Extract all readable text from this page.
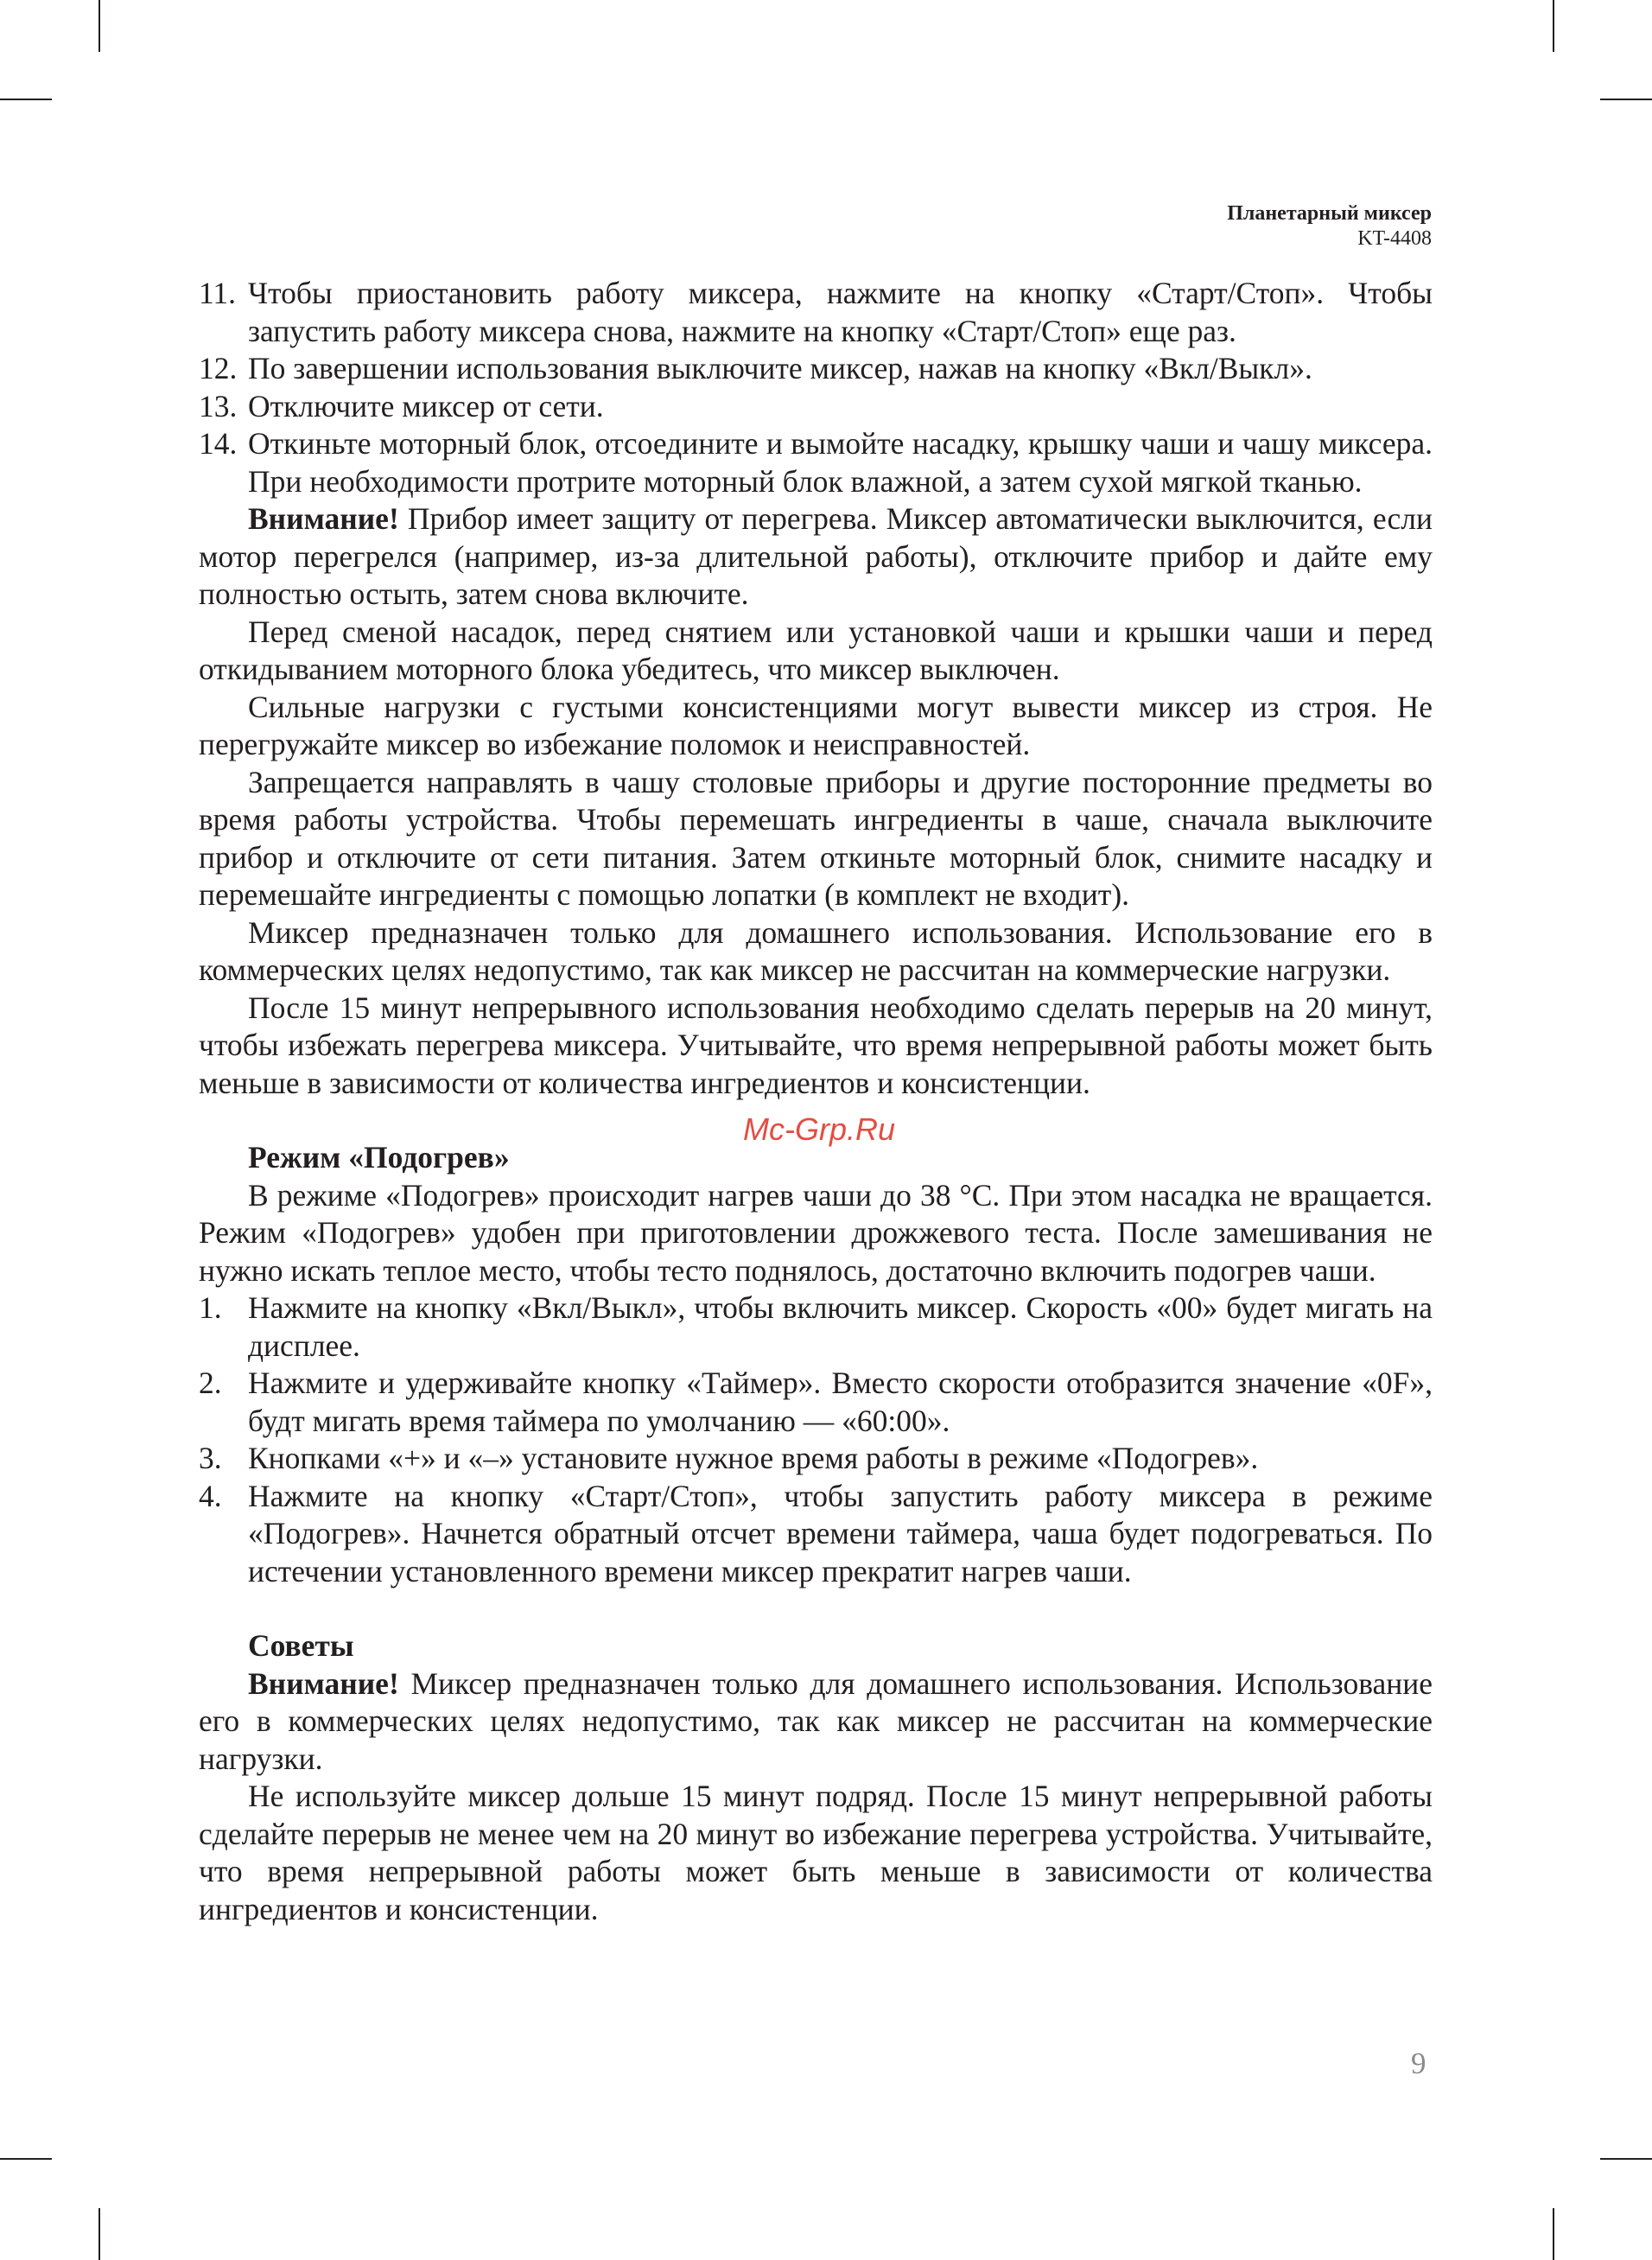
Планетарный миксер
KT-4408
11. Чтобы приостановить работу миксера, нажмите на кнопку «Старт/Стоп». Чтобы запустить работу миксера снова, нажмите на кнопку «Старт/Стоп» еще раз.
12. По завершении использования выключите миксер, нажав на кнопку «Вкл/Выкл».
13. Отключите миксер от сети.
14. Откиньте моторный блок, отсоедините и вымойте насадку, крышку чаши и чашу миксера. При необходимости протрите моторный блок влажной, а затем сухой мягкой тканью.

Внимание! Прибор имеет защиту от перегрева. Миксер автоматически выключится, если мотор перегрелся (например, из-за длительной работы), отключите прибор и дайте ему полностью остыть, затем снова включите.

Перед сменой насадок, перед снятием или установкой чаши и крышки чаши и перед откидыванием моторного блока убедитесь, что миксер выключен.

Сильные нагрузки с густыми консистенциями могут вывести миксер из строя. Не перегружайте миксер во избежание поломок и неисправностей.

Запрещается направлять в чашу столовые приборы и другие посторонние предметы во время работы устройства. Чтобы перемешать ингредиенты в чаше, сначала выключите прибор и отключите от сети питания. Затем откиньте моторный блок, снимите насадку и перемешайте ингредиенты с помощью лопатки (в комплект не входит).

Миксер предназначен только для домашнего использования. Использование его в коммерческих целях недопустимо, так как миксер не рассчитан на коммерческие нагрузки.

После 15 минут непрерывного использования необходимо сделать перерыв на 20 минут, чтобы избежать перегрева миксера. Учитывайте, что время непрерывной работы может быть меньше в зависимости от количества ингредиентов и консистенции.

Режим «Подогрев»

В режиме «Подогрев» происходит нагрев чаши до 38 °С. При этом насадка не вращается. Режим «Подогрев» удобен при приготовлении дрожжевого теста. После замешивания не нужно искать теплое место, чтобы тесто поднялось, достаточно включить подогрев чаши.

1. Нажмите на кнопку «Вкл/Выкл», чтобы включить миксер. Скорость «00» будет мигать на дисплее.
2. Нажмите и удерживайте кнопку «Таймер». Вместо скорости отобразится значение «0F», будт мигать время таймера по умолчанию — «60:00».
3. Кнопками «+» и «–» установите нужное время работы в режиме «Подогрев».
4. Нажмите на кнопку «Старт/Стоп», чтобы запустить работу миксера в режиме «Подогрев». Начнется обратный отсчет времени таймера, чаша будет подогреваться. По истечении установленного времени миксер прекратит нагрев чаши.

Советы

Внимание! Миксер предназначен только для домашнего использования. Использование его в коммерческих целях недопустимо, так как миксер не рассчитан на коммерческие нагрузки.

Не используйте миксер дольше 15 минут подряд. После 15 минут непрерывной работы сделайте перерыв не менее чем на 20 минут во избежание перегрева устройства. Учитывайте, что время непрерывной работы может быть меньше в зависимости от количества ингредиентов и консистенции.

Mc-Grp.Ru
9
